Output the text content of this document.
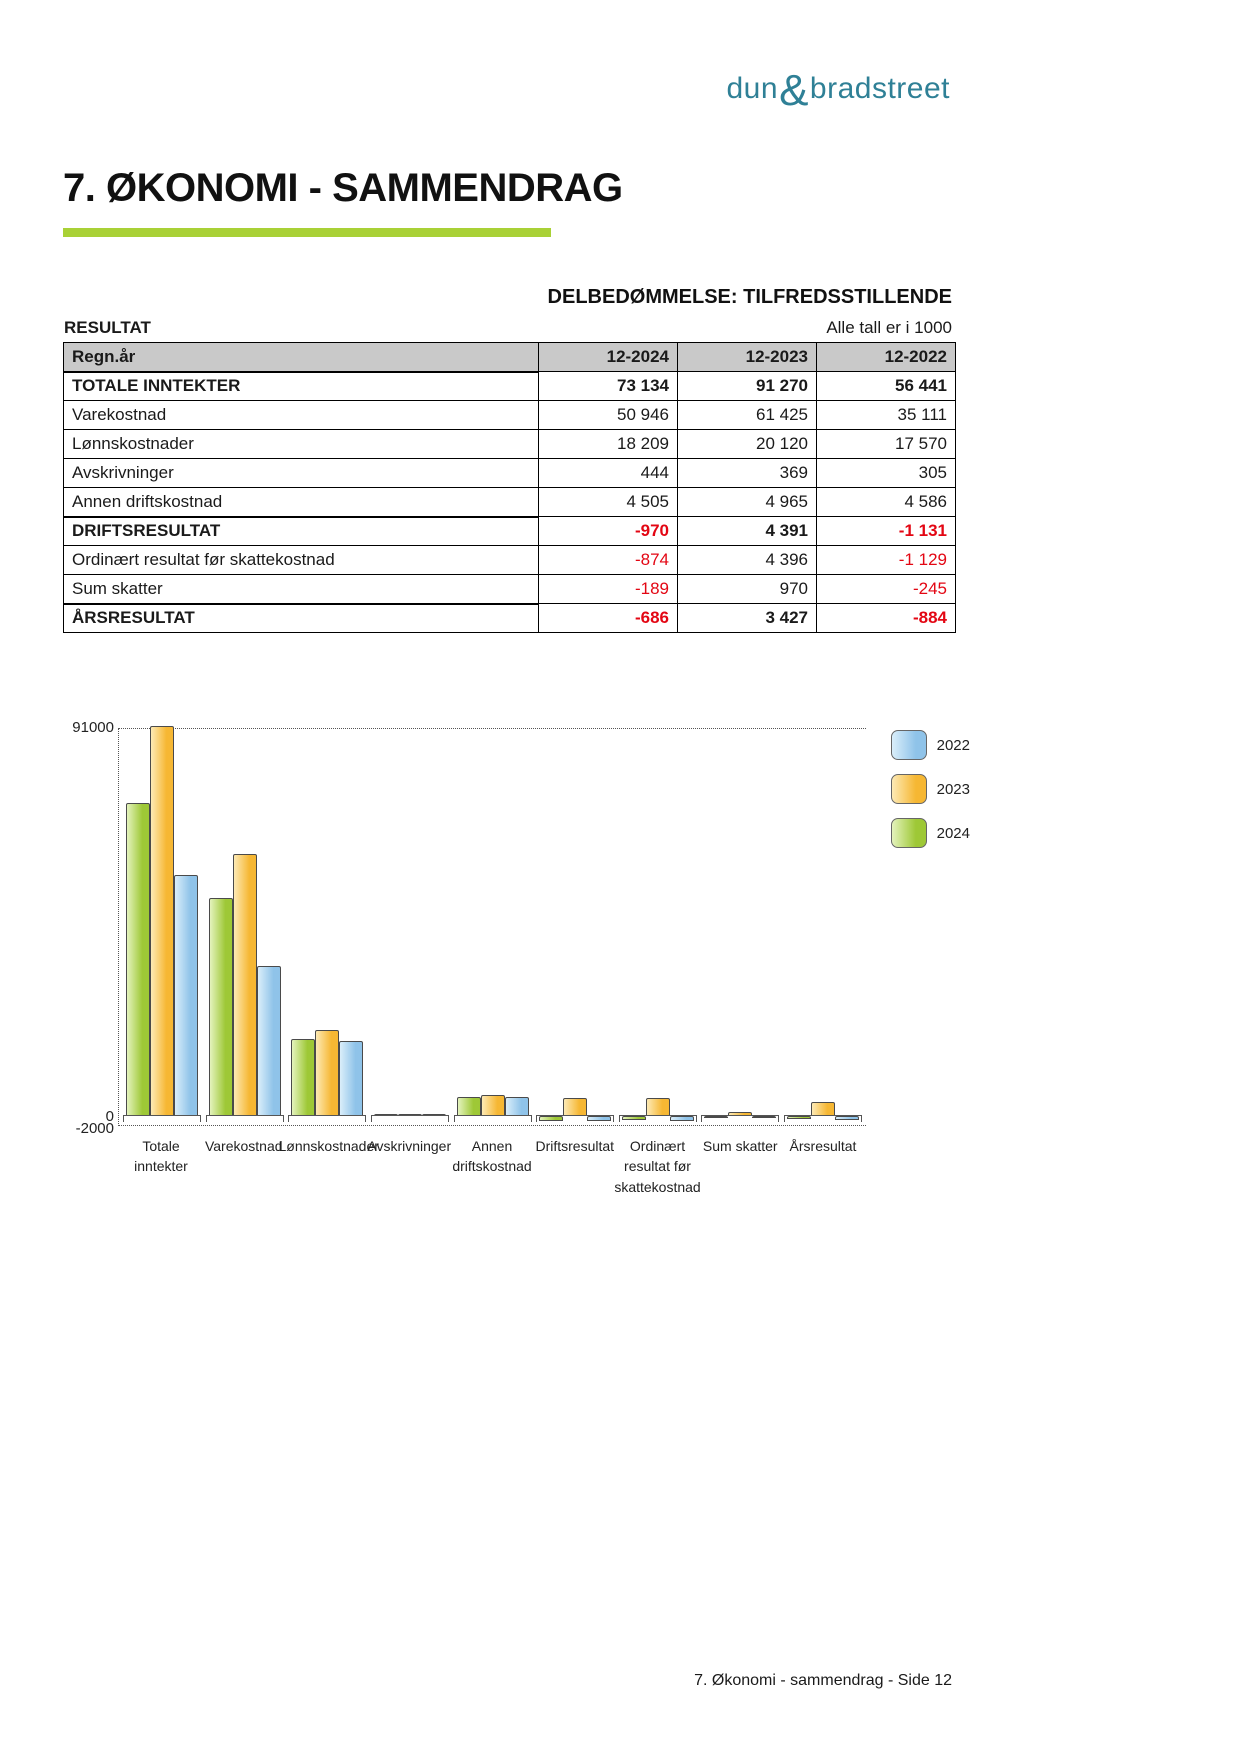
dun&bradstreet
7. ØKONOMI - SAMMENDRAG
DELBEDØMMELSE: TILFREDSSTILLENDE
RESULTAT	Alle tall er i 1000
Regn.år	12-2024	12-2023	12-2022
TOTALE INNTEKTER	73 134	91 270	56 441
Varekostnad	50 946	61 425	35 111
Lønnskostnader	18 209	20 120	17 570
Avskrivninger	444	369	305
Annen driftskostnad	4 505	4 965	4 586
DRIFTSRESULTAT	-970	4 391	-1 131
Ordinært resultat før skattekostnad	-874	4 396	-1 129
Sum skatter	-189	970	-245
ÅRSRESULTAT	-686	3 427	-884
91000
0
-2000
Totale inntekter
Varekostnad
Lønnskostnader
Avskrivninger	Annen driftskostnad
Driftsresultat	Ordinært resultat før skattekostnad
Sum skatter Årsresultat
2022
2023
2024
7. Økonomi - sammendrag - Side 12
